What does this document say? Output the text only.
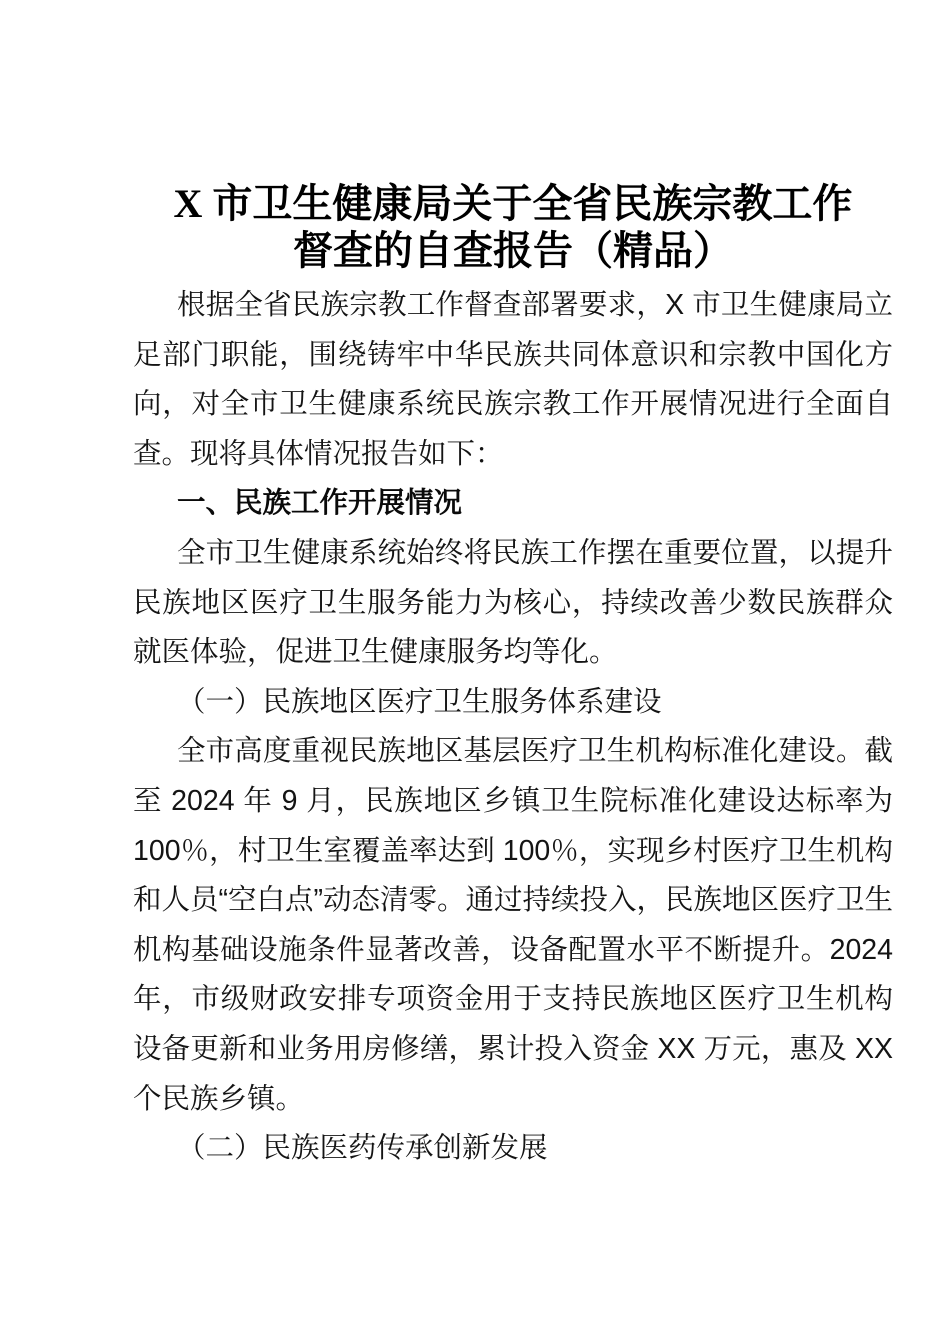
X 市卫生健康局关于全省民族宗教工作督查的自查报告（精品）

根据全省民族宗教工作督查部署要求，X 市卫生健康局立足部门职能，围绕铸牢中华民族共同体意识和宗教中国化方向，对全市卫生健康系统民族宗教工作开展情况进行全面自查。现将具体情况报告如下：

一、民族工作开展情况

全市卫生健康系统始终将民族工作摆在重要位置，以提升民族地区医疗卫生服务能力为核心，持续改善少数民族群众就医体验，促进卫生健康服务均等化。

（一）民族地区医疗卫生服务体系建设

全市高度重视民族地区基层医疗卫生机构标准化建设。截至 2024 年 9 月，民族地区乡镇卫生院标准化建设达标率为 100％，村卫生室覆盖率达到 100％，实现乡村医疗卫生机构和人员“空白点”动态清零。通过持续投入，民族地区医疗卫生机构基础设施条件显著改善，设备配置水平不断提升。2024 年，市级财政安排专项资金用于支持民族地区医疗卫生机构设备更新和业务用房修缮，累计投入资金 XX 万元，惠及 XX 个民族乡镇。

（二）民族医药传承创新发展
